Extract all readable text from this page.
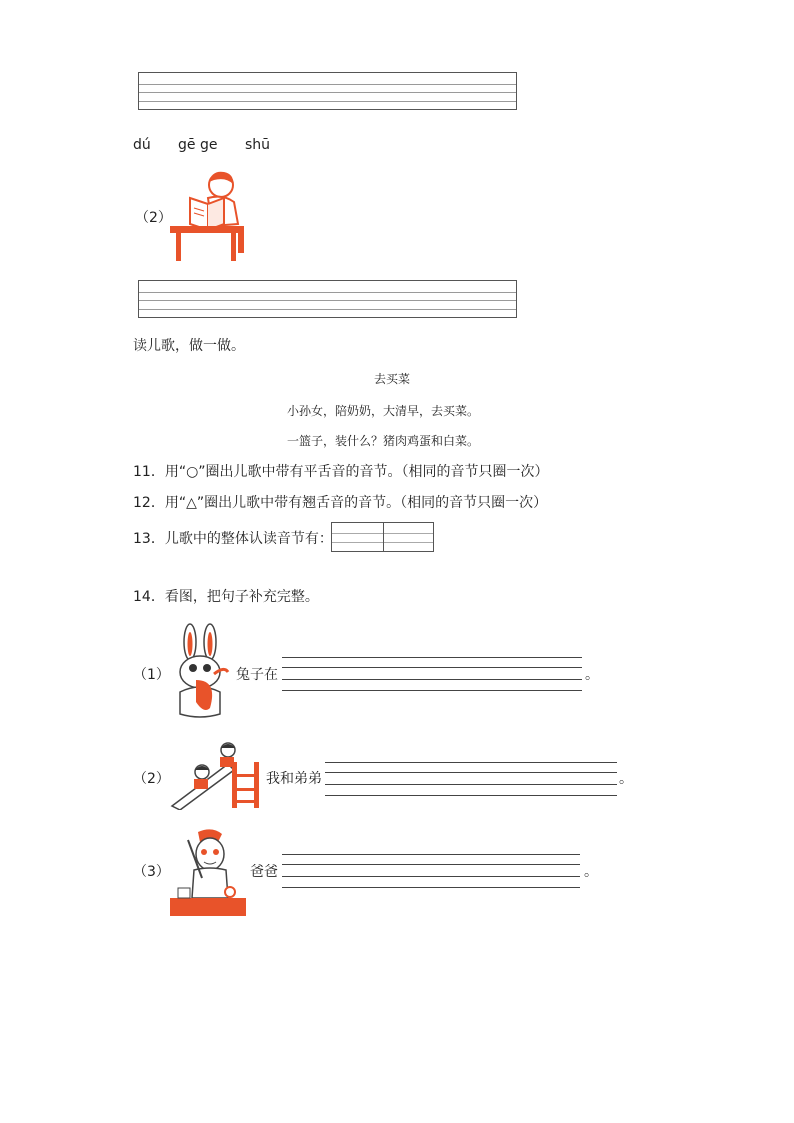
dú gē ge shū
（2）
读儿歌，做一做。
去买菜
小孙女，陪奶奶，大清早，去买菜。
一篮子，装什么？猪肉鸡蛋和白菜。
11．用“○”圈出儿歌中带有平舌音的音节。（相同的音节只圈一次）
12．用“△”圈出儿歌中带有翘舌音的音节。（相同的音节只圈一次）
13．儿歌中的整体认读音节有：
14．看图，把句子补充完整。
（1）	兔子在	。
（2）	我和弟弟	。
（3）	爸爸	。
